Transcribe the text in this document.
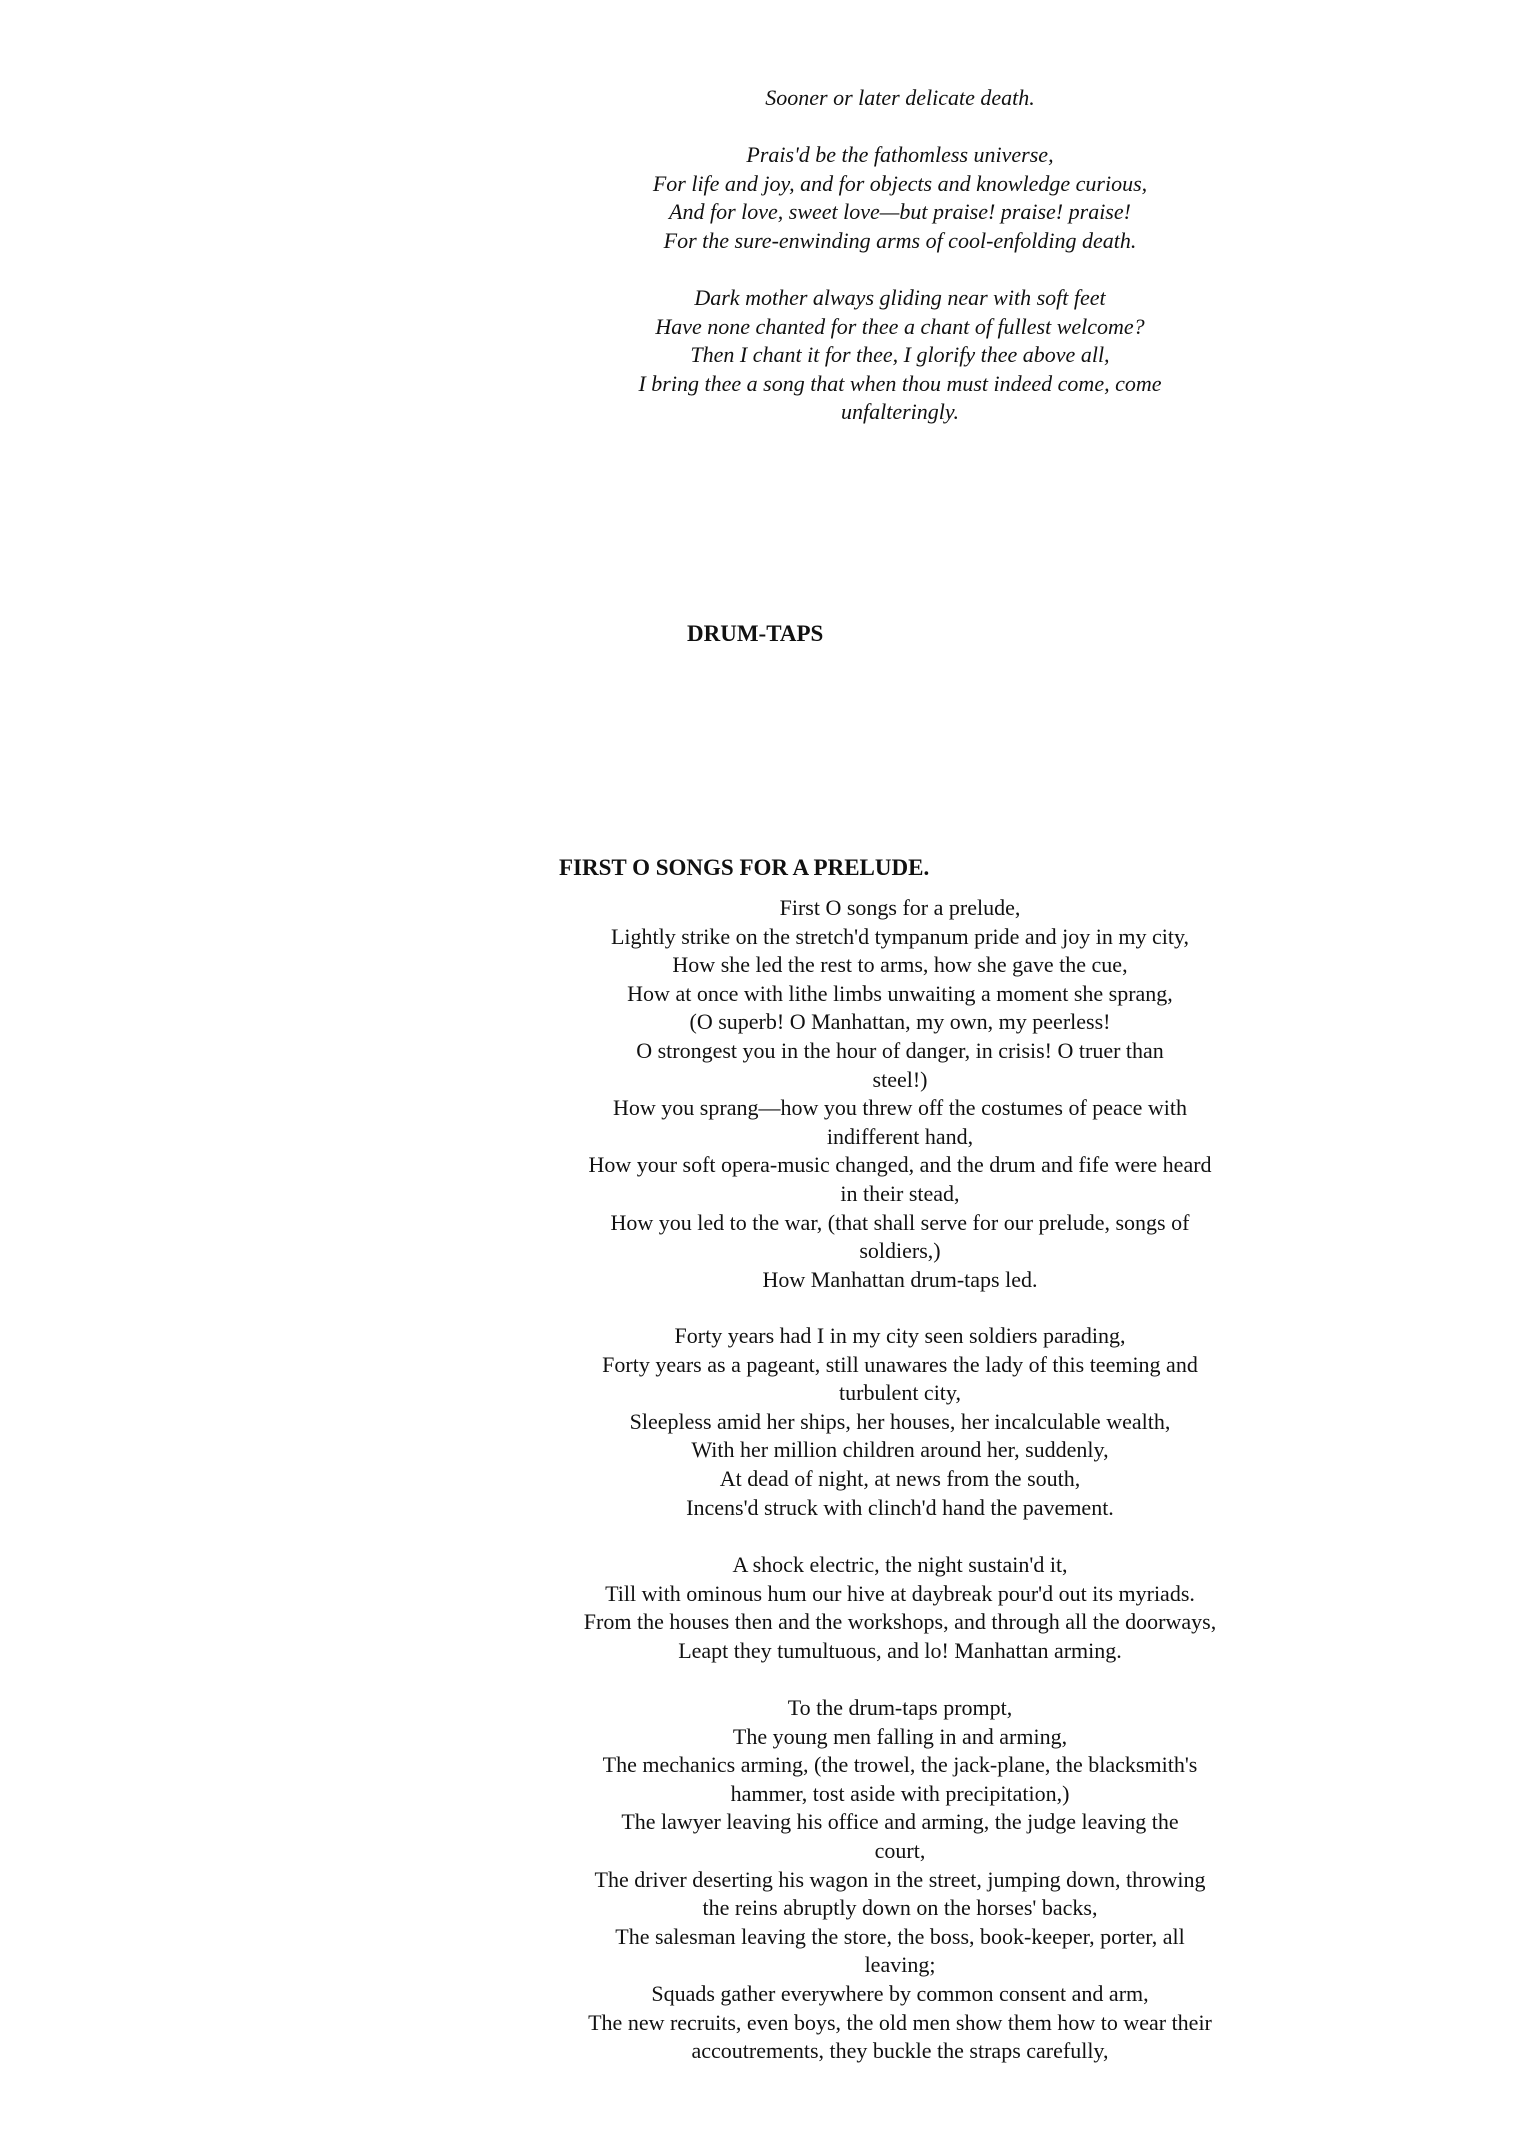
Sooner or later delicate death.
Prais'd be the fathomless universe,
For life and joy, and for objects and knowledge curious,
And for love, sweet love—but praise! praise! praise!
For the sure-enwinding arms of cool-enfolding death.
Dark mother always gliding near with soft feet
Have none chanted for thee a chant of fullest welcome?
Then I chant it for thee, I glorify thee above all,
I bring thee a song that when thou must indeed come, come
unfalteringly.
DRUM-TAPS
FIRST O SONGS FOR A PRELUDE.
First O songs for a prelude,
Lightly strike on the stretch'd tympanum pride and joy in my city,
How she led the rest to arms, how she gave the cue,
How at once with lithe limbs unwaiting a moment she sprang,
(O superb! O Manhattan, my own, my peerless!
O strongest you in the hour of danger, in crisis! O truer than
steel!)
How you sprang—how you threw off the costumes of peace with
indifferent hand,
How your soft opera-music changed, and the drum and fife were heard
in their stead,
How you led to the war, (that shall serve for our prelude, songs of
soldiers,)
How Manhattan drum-taps led.
Forty years had I in my city seen soldiers parading,
Forty years as a pageant, still unawares the lady of this teeming and
turbulent city,
Sleepless amid her ships, her houses, her incalculable wealth,
With her million children around her, suddenly,
At dead of night, at news from the south,
Incens'd struck with clinch'd hand the pavement.
A shock electric, the night sustain'd it,
Till with ominous hum our hive at daybreak pour'd out its myriads.
From the houses then and the workshops, and through all the doorways,
Leapt they tumultuous, and lo! Manhattan arming.
To the drum-taps prompt,
The young men falling in and arming,
The mechanics arming, (the trowel, the jack-plane, the blacksmith's
hammer, tost aside with precipitation,)
The lawyer leaving his office and arming, the judge leaving the
court,
The driver deserting his wagon in the street, jumping down, throwing
the reins abruptly down on the horses' backs,
The salesman leaving the store, the boss, book-keeper, porter, all
leaving;
Squads gather everywhere by common consent and arm,
The new recruits, even boys, the old men show them how to wear their
accoutrements, they buckle the straps carefully,
